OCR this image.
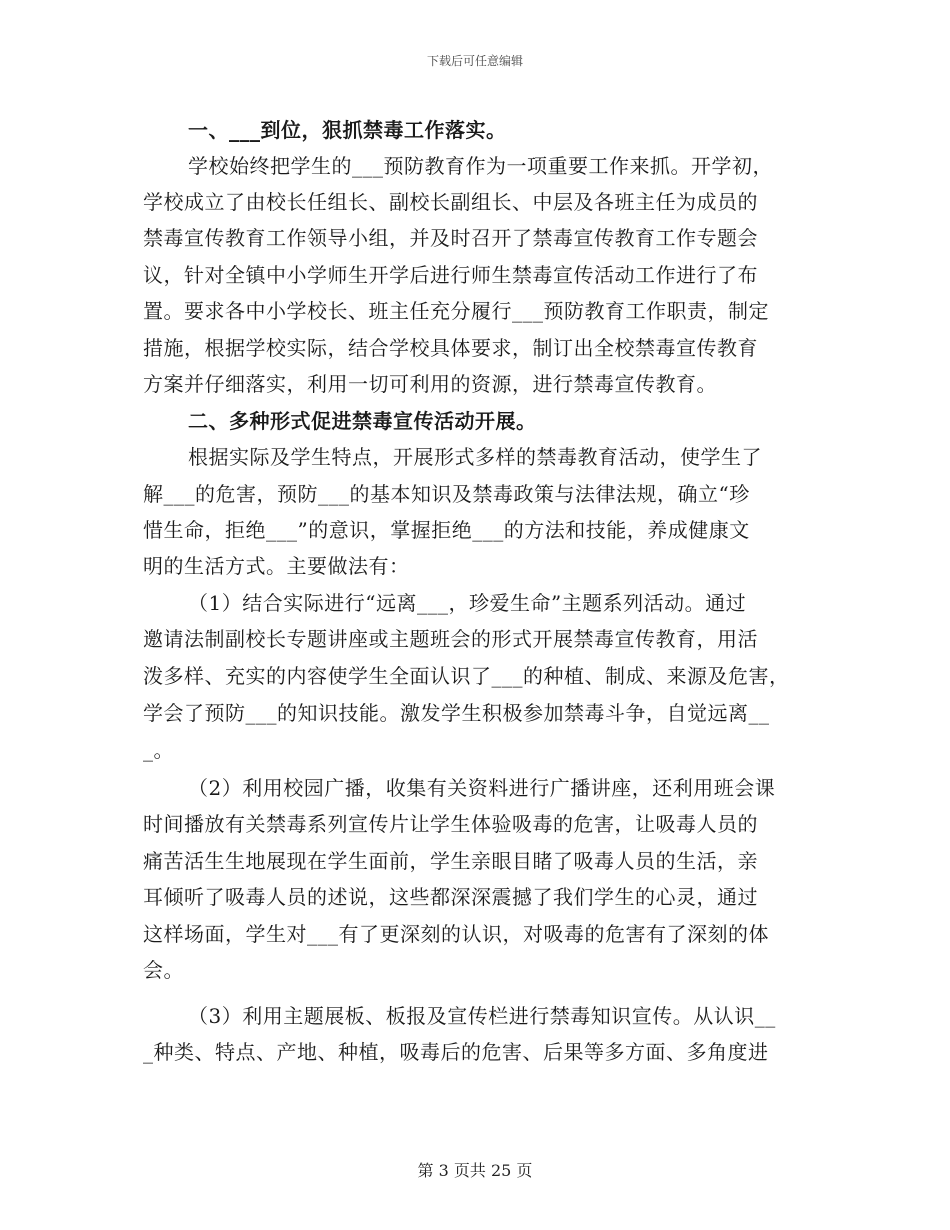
下载后可任意编辑
一、___到位，狠抓禁毒工作落实。
学校始终把学生的___预防教育作为一项重要工作来抓。开学初，
学校成立了由校长任组长、副校长副组长、中层及各班主任为成员的
禁毒宣传教育工作领导小组，并及时召开了禁毒宣传教育工作专题会
议，针对全镇中小学师生开学后进行师生禁毒宣传活动工作进行了布
置。要求各中小学校长、班主任充分履行___预防教育工作职责，制定
措施，根据学校实际，结合学校具体要求，制订出全校禁毒宣传教育
方案并仔细落实，利用一切可利用的资源，进行禁毒宣传教育。
二、多种形式促进禁毒宣传活动开展。
根据实际及学生特点，开展形式多样的禁毒教育活动，使学生了
解___的危害，预防___的基本知识及禁毒政策与法律法规，确立“珍
惜生命，拒绝___”的意识，掌握拒绝___的方法和技能，养成健康文
明的生活方式。主要做法有：
（1）结合实际进行“远离___，珍爱生命”主题系列活动。通过
邀请法制副校长专题讲座或主题班会的形式开展禁毒宣传教育，用活
泼多样、充实的内容使学生全面认识了___的种植、制成、来源及危害，
学会了预防___的知识技能。激发学生积极参加禁毒斗争，自觉远离__
_。
（2）利用校园广播，收集有关资料进行广播讲座，还利用班会课
时间播放有关禁毒系列宣传片让学生体验吸毒的危害，让吸毒人员的
痛苦活生生地展现在学生面前，学生亲眼目睹了吸毒人员的生活，亲
耳倾听了吸毒人员的述说，这些都深深震撼了我们学生的心灵，通过
这样场面，学生对___有了更深刻的认识，对吸毒的危害有了深刻的体
会。
（3）利用主题展板、板报及宣传栏进行禁毒知识宣传。从认识__
_种类、特点、产地、种植，吸毒后的危害、后果等多方面、多角度进
第 3 页共 25 页
